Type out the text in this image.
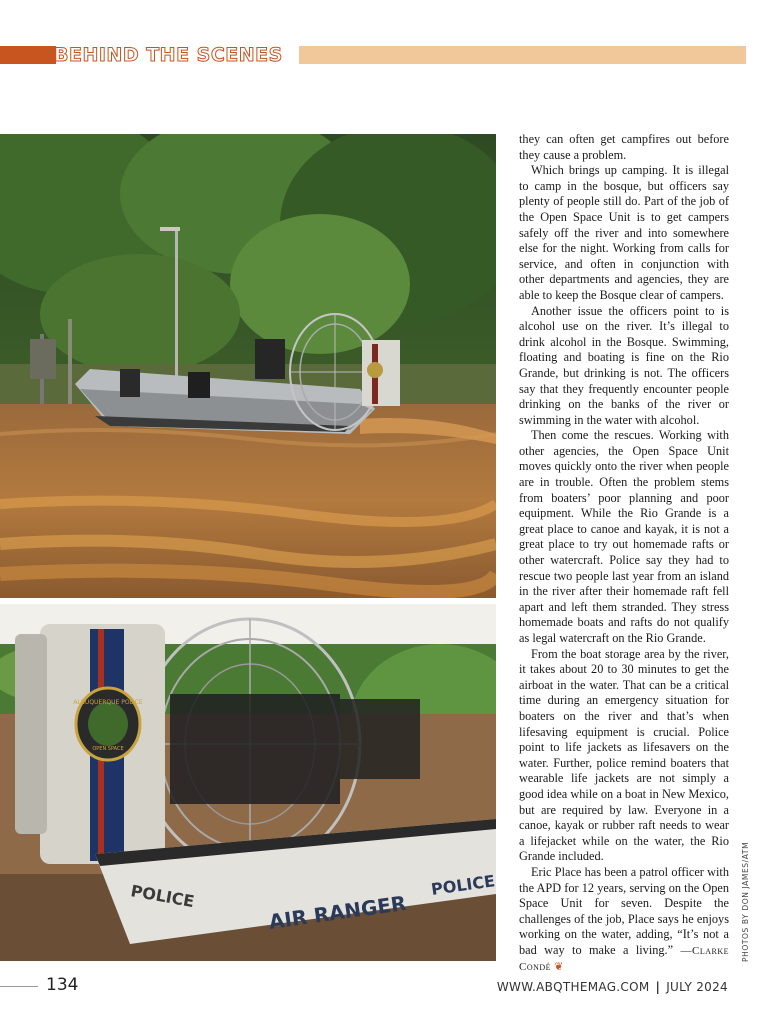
BEHIND THE SCENES
ALBUQUERQUE POLICE
OPEN SPACE
POLICE	AIR RANGER
POLICE

they can often get campfires out before they cause a problem.

Which brings up camping. It is illegal to camp in the bosque, but officers say plenty of people still do. Part of the job of the Open Space Unit is to get campers safely off the river and into somewhere else for the night. Working from calls for service, and often in conjunction with other departments and agencies, they are able to keep the Bosque clear of campers.

Another issue the officers point to is alcohol use on the river. It’s illegal to drink alcohol in the Bosque. Swimming, floating and boating is fine on the Rio Grande, but drinking is not. The officers say that they frequently encounter people drinking on the banks of the river or swimming in the water with alcohol.

Then come the rescues. Working with other agencies, the Open Space Unit moves quickly onto the river when people are in trouble. Often the problem stems from boaters’ poor planning and poor equipment. While the Rio Grande is a great place to canoe and kayak, it is not a great place to try out homemade rafts or other watercraft. Police say they had to rescue two people last year from an island in the river after their homemade raft fell apart and left them stranded. They stress homemade boats and rafts do not qualify as legal watercraft on the Rio Grande.

From the boat storage area by the river, it takes about 20 to 30 minutes to get the airboat in the water. That can be a critical time during an emergency situation for boaters on the river and that’s when lifesaving equipment is crucial. Police point to life jackets as lifesavers on the water. Further, police remind boaters that wearable life jackets are not simply a good idea while on a boat in New Mexico, but are required by law. Everyone in a canoe, kayak or rubber raft needs to wear a lifejacket while on the water, the Rio Grande included.

Eric Place has been a patrol officer with the APD for 12 years, serving on the Open Space Unit for seven. Despite the challenges of the job, Place says he enjoys working on the water, adding, “It’s not a bad way to make a living.” —Clarke Condé ❦

PHOTOS BY DON JAMES/ATM
134	WWW.ABQTHEMAG.COM | JULY 2024
